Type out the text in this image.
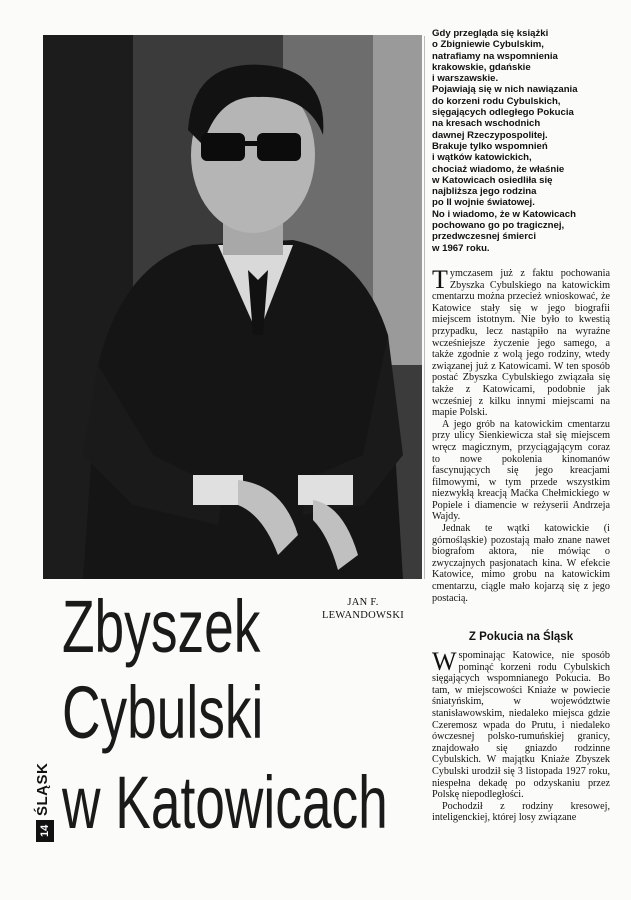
Gdy przegląda się książki
o Zbigniewie Cybulskim,
natrafiamy na wspomnienia
krakowskie, gdańskie
i warszawskie.
Pojawiają się w nich nawiązania
do korzeni rodu Cybulskich,
sięgających odległego Pokucia
na kresach wschodnich
dawnej Rzeczypospolitej.
Brakuje tylko wspomnień
i wątków katowickich,
chociaż wiadomo, że właśnie
w Katowicach osiedliła się
najbliższa jego rodzina
po II wojnie światowej.
No i wiadomo, że w Katowicach
pochowano go po tragicznej,
przedwczesnej śmierci
w 1967 roku.

Tymczasem już z faktu pochowania Zbyszka Cybulskiego na katowickim cmentarzu można przecież wnioskować, że Katowice stały się w jego biografii miejscem istotnym. Nie było to kwestią przypadku, lecz nastąpiło na wyraźne wcześniejsze życzenie jego samego, a także zgodnie z wolą jego rodziny, wtedy związanej już z Katowicami. W ten sposób postać Zbyszka Cybulskiego związała się także z Katowicami, podobnie jak wcześniej z kilku innymi miejscami na mapie Polski.

A jego grób na katowickim cmentarzu przy ulicy Sienkiewicza stał się miejscem wręcz magicznym, przyciągającym coraz to nowe pokolenia kinomanów fascynujących się jego kreacjami filmowymi, w tym przede wszystkim niezwykłą kreacją Maćka Chełmickiego w Popiele i diamencie w reżyserii Andrzeja Wajdy.

Jednak te wątki katowickie (i górnośląskie) pozostają mało znane nawet biografom aktora, nie mówiąc o zwyczajnych pasjonatach kina. W efekcie Katowice, mimo grobu na katowickim cmentarzu, ciągle mało kojarzą się z jego postacią.

Z Pokucia na Śląsk

Wspominając Katowice, nie sposób pominąć korzeni rodu Cybulskich sięgających wspomnianego Pokucia. Bo tam, w miejscowości Kniaże w powiecie śniatyńskim, w województwie stanisławowskim, niedaleko miejsca gdzie Czeremosz wpada do Prutu, i niedaleko ówczesnej polsko-rumuńskiej granicy, znajdowało się gniazdo rodzinne Cybulskich. W majątku Kniaże Zbyszek Cybulski urodził się 3 listopada 1927 roku, niespełna dekadę po odzyskaniu przez Polskę niepodległości.

Pochodził z rodziny kresowej, inteligenckiej, której losy związane

JAN F.
LEWANDOWSKI
Zbyszek
Cybulski
w Katowicach
ŚLĄSK
14
